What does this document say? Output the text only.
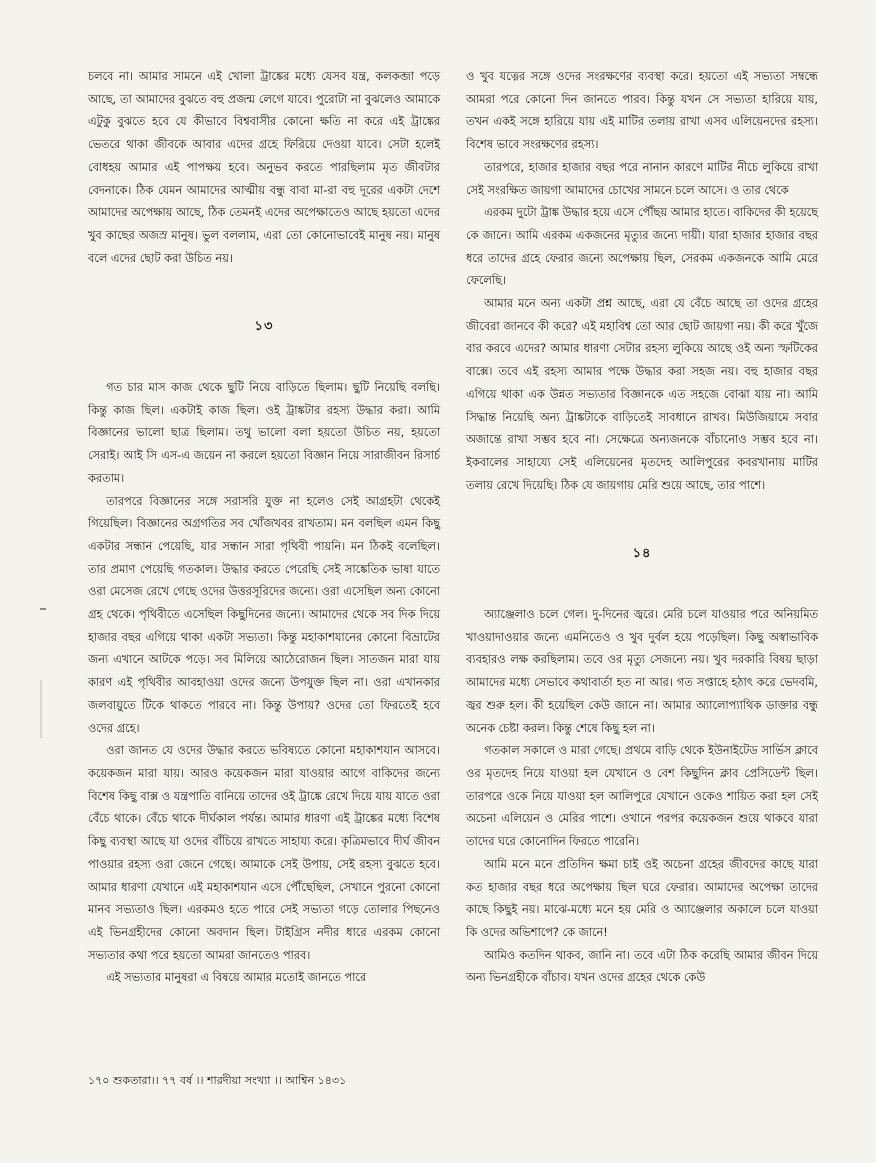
চলবে না। আমার সামনে এই খোলা ট্রাঙ্কের মধ্যে যেসব যন্ত্র, কলকব্জা পড়ে আছে, তা আমাদের বুঝতে বহু প্রজন্ম লেগে যাবে। পুরোটা না বুঝলেও আমাকে এটুকু বুঝতে হবে যে কীভাবে বিশ্ববাসীর কোনো ক্ষতি না করে এই ট্রাঙ্কের ভেতরে থাকা জীবকে আবার এদের গ্রহে ফিরিয়ে দেওয়া যাবে। সেটা হলেই বোধহয় আমার এই পাপক্ষয় হবে। অনুভব করতে পারছিলাম মৃত জীবটার বেদনাকে। ঠিক যেমন আমাদের আত্মীয় বন্ধু বাবা মা-রা বহু দূরের একটা দেশে আমাদের অপেক্ষায় আছে, ঠিক তেমনই এদের অপেক্ষাতেও আছে হয়তো এদের খুব কাছের অজস্র মানুষ। ভুল বললাম, এরা তো কোনোভাবেই মানুষ নয়। মানুষ বলে এদের ছোট করা উচিত নয়।

১৩

গত চার মাস কাজ থেকে ছুটি নিয়ে বাড়িতে ছিলাম। ছুটি নিয়েছি বলছি। কিন্তু কাজ ছিল। একটাই কাজ ছিল। ওই ট্রাঙ্কটার রহস্য উদ্ধার করা। আমি বিজ্ঞানের ভালো ছাত্র ছিলাম। তথু ভালো বলা হয়তো উচিত নয়, হয়তো সেরাই। আই সি এস-এ জয়েন না করলে হয়তো বিজ্ঞান নিয়ে সারাজীবন রিসার্চ করতাম।

তারপরে বিজ্ঞানের সঙ্গে সরাসরি যুক্ত না হলেও সেই আগ্রহটা থেকেই গিয়েছিল। বিজ্ঞানের অগ্রগতির সব খোঁজখবর রাখতাম। মন বলছিল এমন কিছু একটার সন্ধান পেয়েছি, যার সন্ধান সারা পৃথিবী পায়নি। মন ঠিকই বলেছিল। তার প্রমাণ পেয়েছি গতকাল। উদ্ধার করতে পেরেছি সেই সাঙ্কেতিক ভাষা যাতে ওরা মেসেজ রেখে গেছে ওদের উত্তরসূরিদের জন্যে। ওরা এসেছিল অন্য কোনো গ্রহ থেকে। পৃথিবীতে এসেছিল কিছুদিনের জন্যে। আমাদের থেকে সব দিক দিয়ে হাজার বছর এগিয়ে থাকা একটা সভ্যতা। কিন্তু মহাকাশযানের কোনো বিভ্রাটের জন্য এখানে আটকে পড়ে। সব মিলিয়ে আঠেরোজন ছিল। সাতজন মারা যায় কারণ এই পৃথিবীর আবহাওয়া ওদের জন্যে উপযুক্ত ছিল না। ওরা এখানকার জলবায়ুতে টিকে থাকতে পারবে না। কিন্তু উপায়? ওদের তো ফিরতেই হবে ওদের গ্রহে।

ওরা জানত যে ওদের উদ্ধার করতে ভবিষ্যতে কোনো মহাকাশযান আসবে। কয়েকজন মারা যায়। আরও কয়েকজন মারা যাওয়ার আগে বাকিদের জন্যে বিশেষ কিছু বাক্স ও যন্ত্রপাতি বানিয়ে তাদের ওই ট্রাঙ্কে রেখে দিয়ে যায় যাতে ওরা বেঁচে থাকে। বেঁচে থাকে দীর্ঘকাল পর্যন্ত। আমার ধারণা এই ট্রাঙ্কের মধ্যে বিশেষ কিছু ব্যবস্থা আছে যা ওদের বাঁচিয়ে রাখতে সাহায্য করে। কৃত্রিমভাবে দীর্ঘ জীবন পাওয়ার রহস্য ওরা জেনে গেছে। আমাকে সেই উপায়, সেই রহস্য বুঝতে হবে। আমার ধারণা যেখানে এই মহাকাশযান এসে পৌঁছেছিল, সেখানে পুরনো কোনো মানব সভ্যতাও ছিল। এরকমও হতে পারে সেই সভ্যতা গড়ে তোলার পিছনেও এই ভিনগ্রহীদের কোনো অবদান ছিল। টাইগ্রিস নদীর ধারে এরকম কোনো সভ্যতার কথা পরে হয়তো আমরা জানতেও পারব।

এই সভ্যতার মানুষরা এ বিষয়ে আমার মতোই জানতে পারে

ও খুব যত্নের সঙ্গে ওদের সংরক্ষণের ব্যবস্থা করে। হয়তো এই সভ্যতা সম্বন্ধে আমরা পরে কোনো দিন জানতে পারব। কিন্তু যখন সে সভ্যতা হারিয়ে যায়, তখন একই সঙ্গে হারিয়ে যায় এই মাটির তলায় রাখা এসব এলিয়েনদের রহস্য। বিশেষ ভাবে সংরক্ষণের রহস্য।

তারপরে, হাজার হাজার বছর পরে নানান কারণে মাটির নীচে লুকিয়ে রাখা সেই সংরক্ষিত জায়গা আমাদের চোখের সামনে চলে আসে। ও তার থেকে

এরকম দুটো ট্রাঙ্ক উদ্ধার হয়ে এসে পৌঁছয় আমার হাতে। বাকিদের কী হয়েছে কে জানে। আমি এরকম একজনের মৃত্যুর জন্যে দায়ী। যারা হাজার হাজার বছর ধরে তাদের গ্রহে ফেরার জন্যে অপেক্ষায় ছিল, সেরকম একজনকে আমি মেরে ফেলেছি।

আমার মনে অন্য একটা প্রশ্ন আছে, এরা যে বেঁচে আছে তা ওদের গ্রহের জীবেরা জানবে কী করে? এই মহাবিশ্ব তো আর ছোট জায়গা নয়। কী করে খুঁজে বার করবে এদের? আমার ধারণা সেটার রহস্য লুকিয়ে আছে ওই অন্য স্ফটিকের বাক্সে। তবে এই রহস্য আমার পক্ষে উদ্ধার করা সহজ নয়। বহু হাজার বছর এগিয়ে থাকা এক উন্নত সভ্যতার বিজ্ঞানকে এত সহজে বোঝা যায় না। আমি সিদ্ধান্ত নিয়েছি অন্য ট্রাঙ্কটাকে বাড়িতেই সাবধানে রাখব। মিউজিয়ামে সবার অজান্তে রাখা সম্ভব হবে না। সেক্ষেত্রে অন্যজনকে বাঁচানোও সম্ভব হবে না। ইকবালের সাহায্যে সেই এলিয়েনের মৃতদেহ আলিপুরের কবরখানায় মাটির তলায় রেখে দিয়েছি। ঠিক যে জায়গায় মেরি শুয়ে আছে, তার পাশে।

১৪

অ্যাঞ্জেলাও চলে গেল। দু-দিনের জ্বরে। মেরি চলে যাওয়ার পরে অনিয়মিত খাওয়াদাওয়ার জন্যে এমনিতেও ও খুব দুর্বল হয়ে পড়েছিল। কিছু অস্বাভাবিক ব্যবহারও লক্ষ করছিলাম। তবে ওর মৃত্যু সেজন্যে নয়। খুব দরকারি বিষয় ছাড়া আমাদের মধ্যে সেভাবে কথাবার্তা হত না আর। গত সপ্তাহে হঠাৎ করে ভেদবমি, জ্বর শুরু হল। কী হয়েছিল কেউ জানে না। আমার অ্যালোপ্যাথিক ডাক্তার বন্ধু অনেক চেষ্টা করল। কিন্তু শেষে কিছু হল না।

গতকাল সকালে ও মারা গেছে। প্রথমে বাড়ি থেকে ইউনাইটেড সার্ভিস ক্লাবে ওর মৃতদেহ নিয়ে যাওয়া হল যেখানে ও বেশ কিছুদিন ক্লাব প্রেসিডেন্ট ছিল। তারপরে ওকে নিয়ে যাওয়া হল আলিপুরে যেখানে ওকেও শায়িত করা হল সেই অচেনা এলিয়েন ও মেরির পাশে। ওখানে পরপর কয়েকজন শুয়ে থাকবে যারা তাদের ঘরে কোনোদিন ফিরতে পারেনি।

আমি মনে মনে প্রতিদিন ক্ষমা চাই ওই অচেনা গ্রহের জীবদের কাছে যারা কত হাজার বছর ধরে অপেক্ষায় ছিল ঘরে ফেরার। আমাদের অপেক্ষা তাদের কাছে কিছুই নয়। মাঝে-মধ্যে মনে হয় মেরি ও অ্যাঞ্জেলার অকালে চলে যাওয়া কি ওদের অভিশাপে? কে জানে!

আমিও কতদিন থাকব, জানি না। তবে এটা ঠিক করেছি আমার জীবন দিয়ে অন্য ভিনগ্রহীকে বাঁচাব। যখন ওদের গ্রহের থেকে কেউ

১৭০ শুকতারা।। ৭৭ বর্ষ ।। শারদীয়া সংখ্যা ।। আশ্বিন ১৪৩১
